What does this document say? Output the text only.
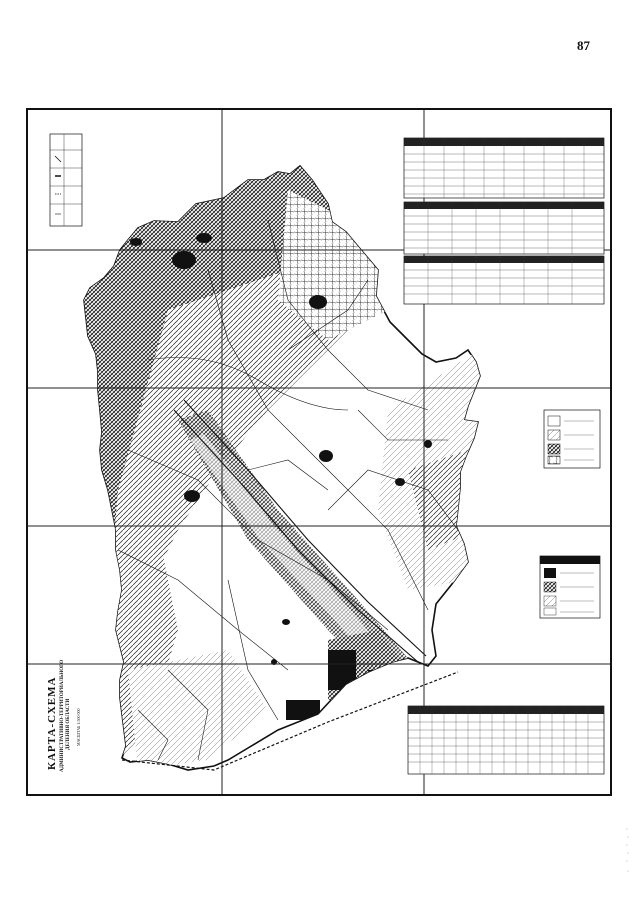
87
КАРТА-СХЕМА АДМИНИСТРАТИВНО-ТЕРРИТОРИАЛЬНОГО ДЕЛЕНИЯ ОБЛАСТИ МАСШТАБ 1:500 000
